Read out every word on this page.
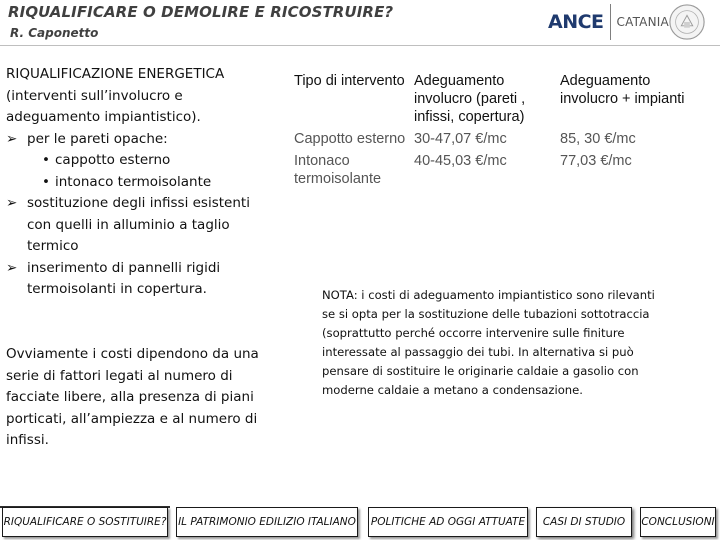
RIQUALIFICARE O DEMOLIRE E RICOSTRUIRE?
R. Caponetto	ANCE CATANIA
RIQUALIFICAZIONE ENERGETICA
(interventi sull’involucro e adeguamento impiantistico).
➢ per le pareti opache:
• cappotto esterno
• intonaco termoisolante
➢ sostituzione degli infissi esistenti con quelli in alluminio a taglio termico
➢ inserimento di pannelli rigidi termoisolanti in copertura.
Ovviamente i costi dipendono da una serie di fattori legati al numero di facciate libere, alla presenza di piani porticati, all’ampiezza e al numero di infissi.
Tipo di intervento	Adeguamento involucro (pareti , infissi, copertura)	Adeguamento involucro + impianti
Cappotto esterno	30-47,07 €/mc	85, 30 €/mc
Intonaco termoisolante	40-45,03 €/mc	77,03 €/mc
NOTA: i costi di adeguamento impiantistico sono rilevanti se si opta per la sostituzione delle tubazioni sottotraccia (soprattutto perché occorre intervenire sulle finiture interessate al passaggio dei tubi. In alternativa si può pensare di sostituire le originarie caldaie a gasolio con moderne caldaie a metano a condensazione.
RIQUALIFICARE O SOSTITUIRE? IL PATRIMONIO EDILIZIO ITALIANO POLITICHE AD OGGI ATTUATE	CASI DI STUDIO	CONCLUSIONI
